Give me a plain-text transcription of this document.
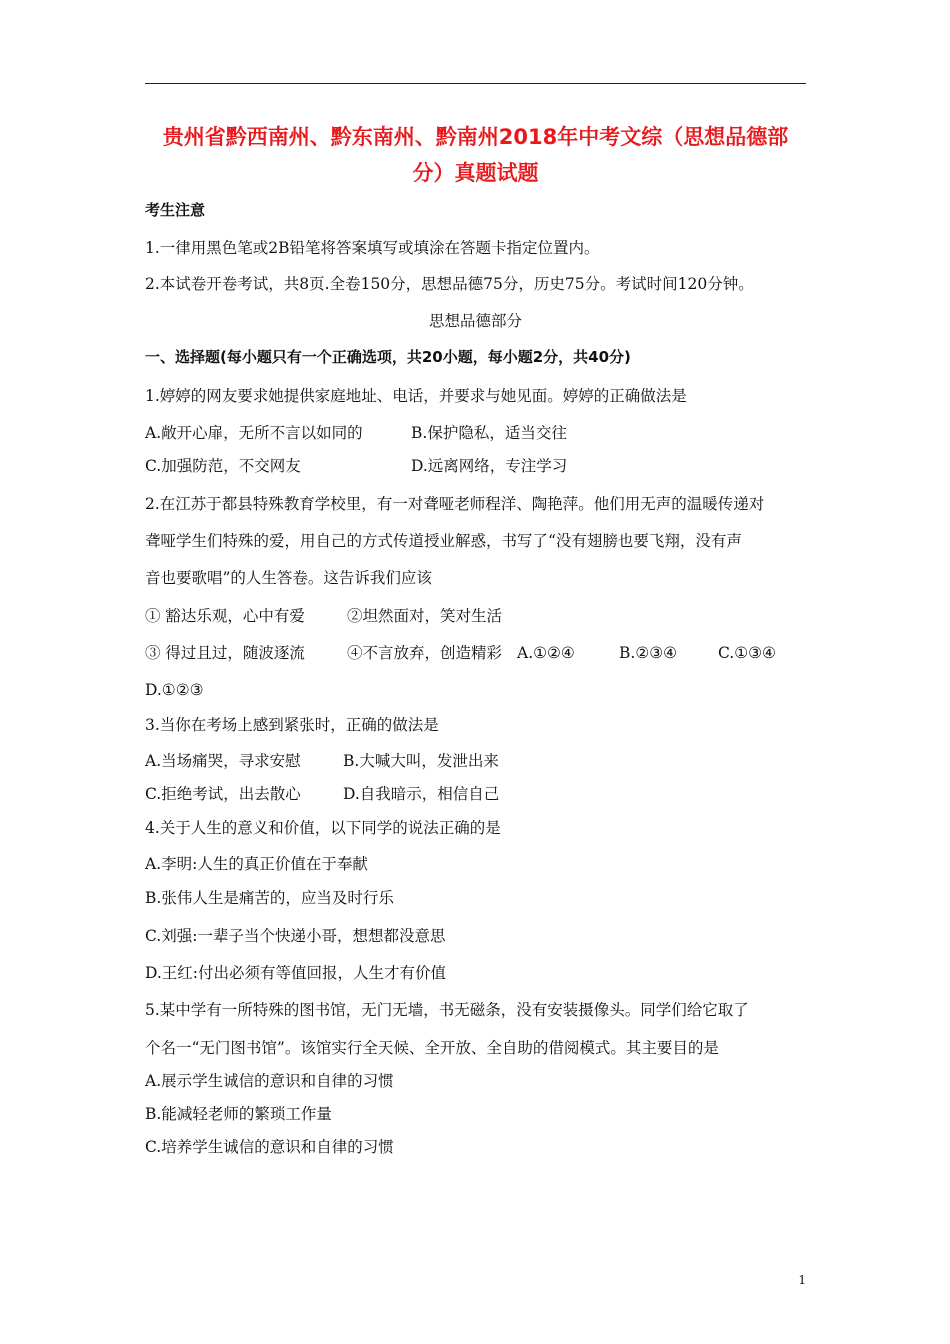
贵州省黔西南州、黔东南州、黔南州2018年中考文综（思想品德部
分）真题试题
考生注意
1.一律用黑色笔或2B铅笔将答案填写或填涂在答题卡指定位置内。
2.本试卷开卷考试，共8页.全卷150分，思想品德75分，历史75分。考试时间120分钟。
思想品德部分
一、选择题(每小题只有一个正确选项，共20小题，每小题2分，共40分)
1.婷婷的网友要求她提供家庭地址、电话，并要求与她见面。婷婷的正确做法是
A.敞开心扉，无所不言以如同的	B.保护隐私，适当交往
C.加强防范，不交网友	D.远离网络，专注学习
2.在江苏于都县特殊教育学校里，有一对聋哑老师程洋、陶艳萍。他们用无声的温暖传递对
聋哑学生们特殊的爱，用自己的方式传道授业解惑，书写了“没有翅膀也要飞翔，没有声
音也要歌唱”的人生答卷。这告诉我们应该
① 豁达乐观，心中有爱	②坦然面对，笑对生活
③ 得过且过，随波逐流	④不言放弃，创造精彩 A.①②④	B.②③④	C.①③④
D.①②③
3.当你在考场上感到紧张时，正确的做法是
A.当场痛哭，寻求安慰	B.大喊大叫，发泄出来
C.拒绝考试，出去散心	D.自我暗示，相信自己
4.关于人生的意义和价值，以下同学的说法正确的是
A.李明:人生的真正价值在于奉献
B.张伟人生是痛苦的，应当及时行乐
C.刘强:一辈子当个快递小哥，想想都没意思
D.王红:付出必须有等值回报，人生才有价值
5.某中学有一所特殊的图书馆，无门无墙，书无磁条，没有安装摄像头。同学们给它取了
个名一“无门图书馆”。该馆实行全天候、全开放、全自助的借阅模式。其主要目的是
A.展示学生诚信的意识和自律的习惯
B.能减轻老师的繁琐工作量
C.培养学生诚信的意识和自律的习惯
1
